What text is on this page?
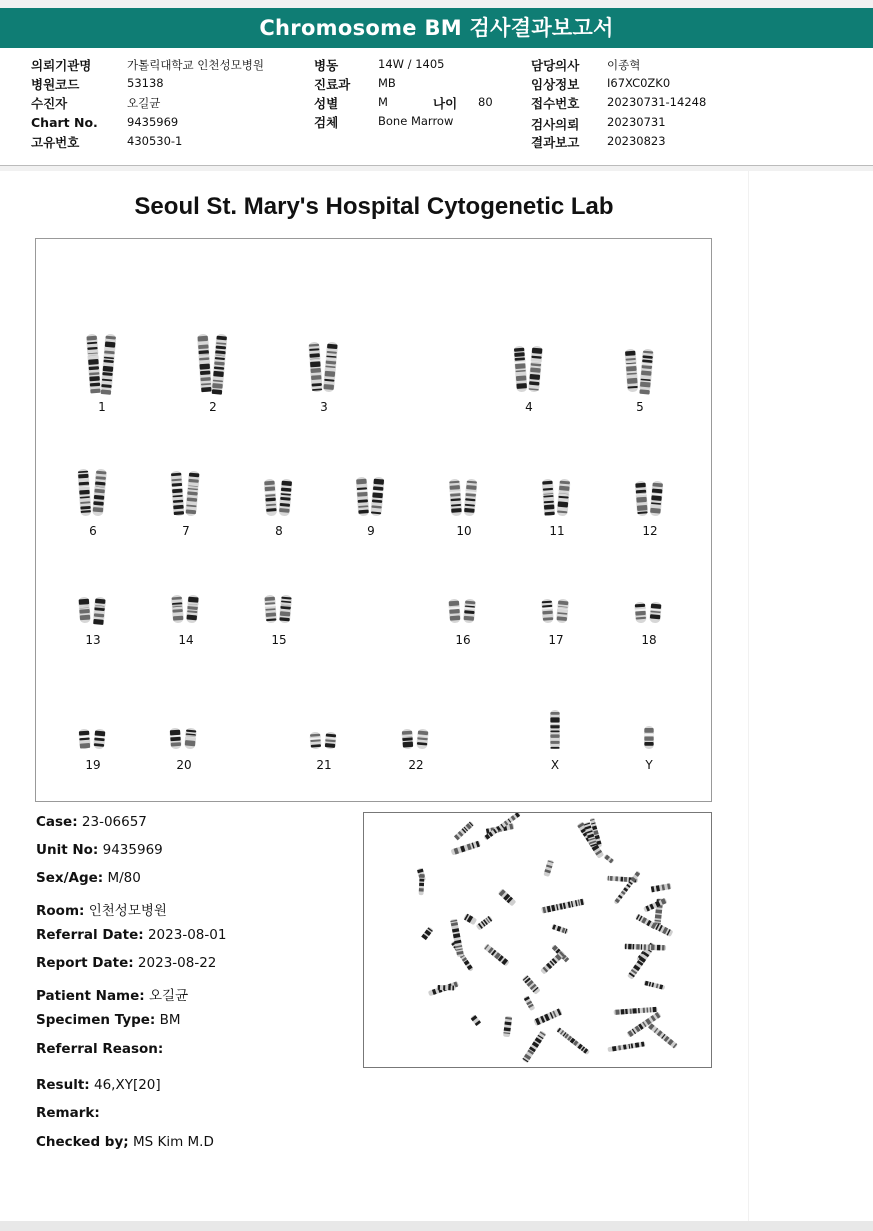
Chromosome BM 검사결과보고서
의뢰기관명	가톨릭대학교 인천성모병원
병원코드	53138
수진자	오길균
Chart No.	9435969
고유번호	430530-1
병동	14W / 1405
진료과 MB
성별	M	나이 80
검체	Bone Marrow
담당의사 이종혁
임상정보 I67XC0ZK0
접수번호 20230731-14248
검사의뢰 20230731
결과보고 20230823
Seoul St. Mary's Hospital Cytogenetic Lab
1	2	3	4	5
6	7	8	9	10	11	12
13	14	15	16	17	18
19	20	21	22	X	Y
Case: 23-06657
Unit No: 9435969
Sex/Age: M/80
Room: 인천성모병원
Referral Date: 2023-08-01
Report Date: 2023-08-22
Patient Name: 오길균
Specimen Type: BM
Referral Reason:
Result: 46,XY[20]
Remark:
Checked by; MS Kim M.D
